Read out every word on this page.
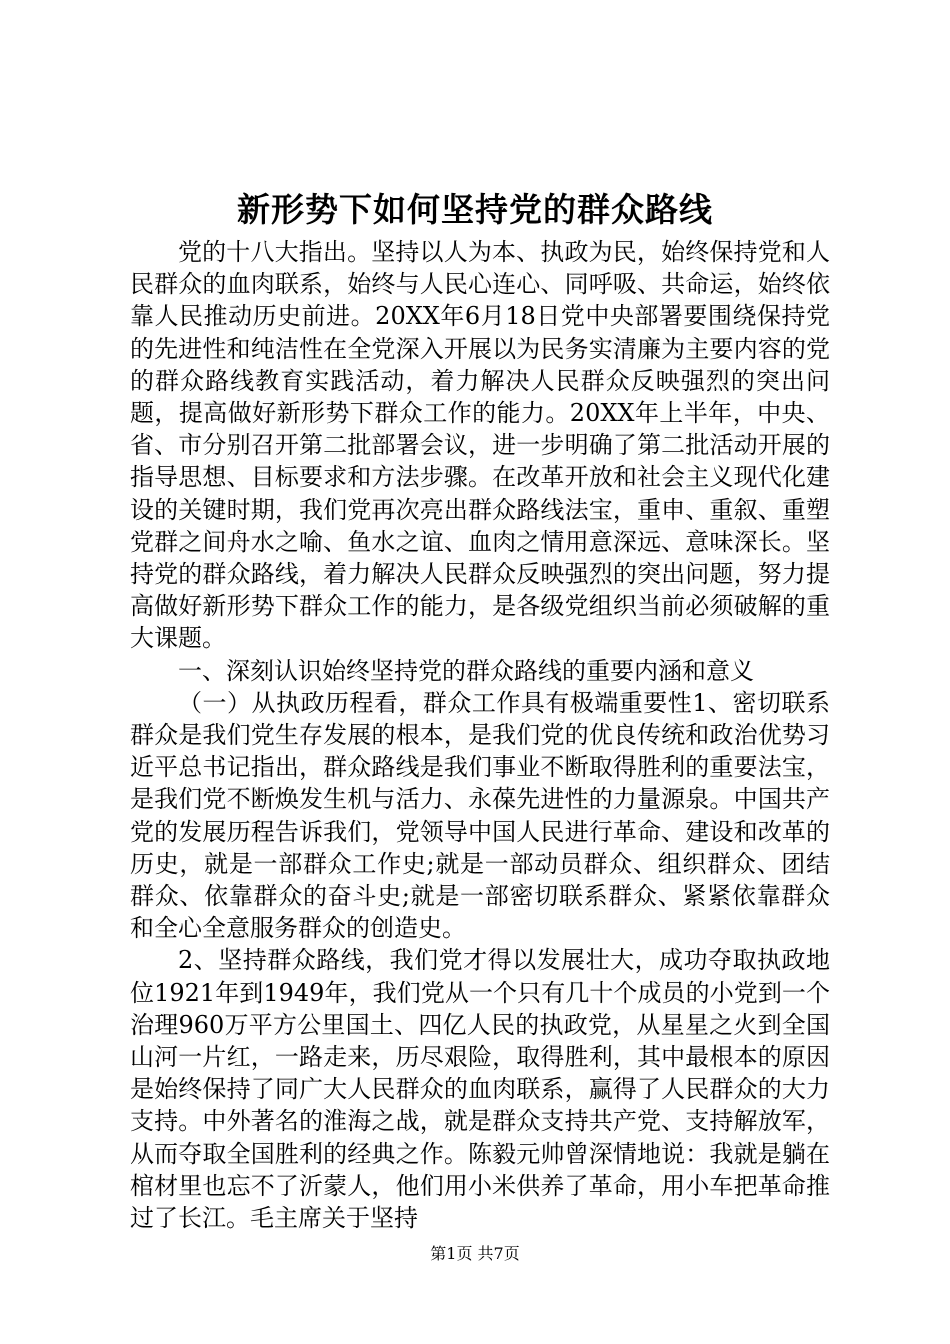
新形势下如何坚持党的群众路线

党的十八大指出。坚持以人为本、执政为民，始终保持党和人民群众的血肉联系，始终与人民心连心、同呼吸、共命运，始终依靠人民推动历史前进。20XX年6月18日党中央部署要围绕保持党的先进性和纯洁性在全党深入开展以为民务实清廉为主要内容的党的群众路线教育实践活动，着力解决人民群众反映强烈的突出问题，提高做好新形势下群众工作的能力。20XX年上半年，中央、省、市分别召开第二批部署会议，进一步明确了第二批活动开展的指导思想、目标要求和方法步骤。在改革开放和社会主义现代化建设的关键时期，我们党再次亮出群众路线法宝，重申、重叙、重塑党群之间舟水之喻、鱼水之谊、血肉之情用意深远、意味深长。坚持党的群众路线，着力解决人民群众反映强烈的突出问题，努力提高做好新形势下群众工作的能力，是各级党组织当前必须破解的重大课题。

一、深刻认识始终坚持党的群众路线的重要内涵和意义

（一）从执政历程看，群众工作具有极端重要性1、密切联系群众是我们党生存发展的根本，是我们党的优良传统和政治优势习近平总书记指出，群众路线是我们事业不断取得胜利的重要法宝，是我们党不断焕发生机与活力、永葆先进性的力量源泉。中国共产党的发展历程告诉我们，党领导中国人民进行革命、建设和改革的历史，就是一部群众工作史;就是一部动员群众、组织群众、团结群众、依靠群众的奋斗史;就是一部密切联系群众、紧紧依靠群众和全心全意服务群众的创造史。

2、坚持群众路线，我们党才得以发展壮大，成功夺取执政地位1921年到1949年，我们党从一个只有几十个成员的小党到一个治理960万平方公里国土、四亿人民的执政党，从星星之火到全国山河一片红，一路走来，历尽艰险，取得胜利，其中最根本的原因是始终保持了同广大人民群众的血肉联系，赢得了人民群众的大力支持。中外著名的淮海之战，就是群众支持共产党、支持解放军，从而夺取全国胜利的经典之作。陈毅元帅曾深情地说：我就是躺在棺材里也忘不了沂蒙人，他们用小米供养了革命，用小车把革命推过了长江。毛主席关于坚持

第1页 共7页
